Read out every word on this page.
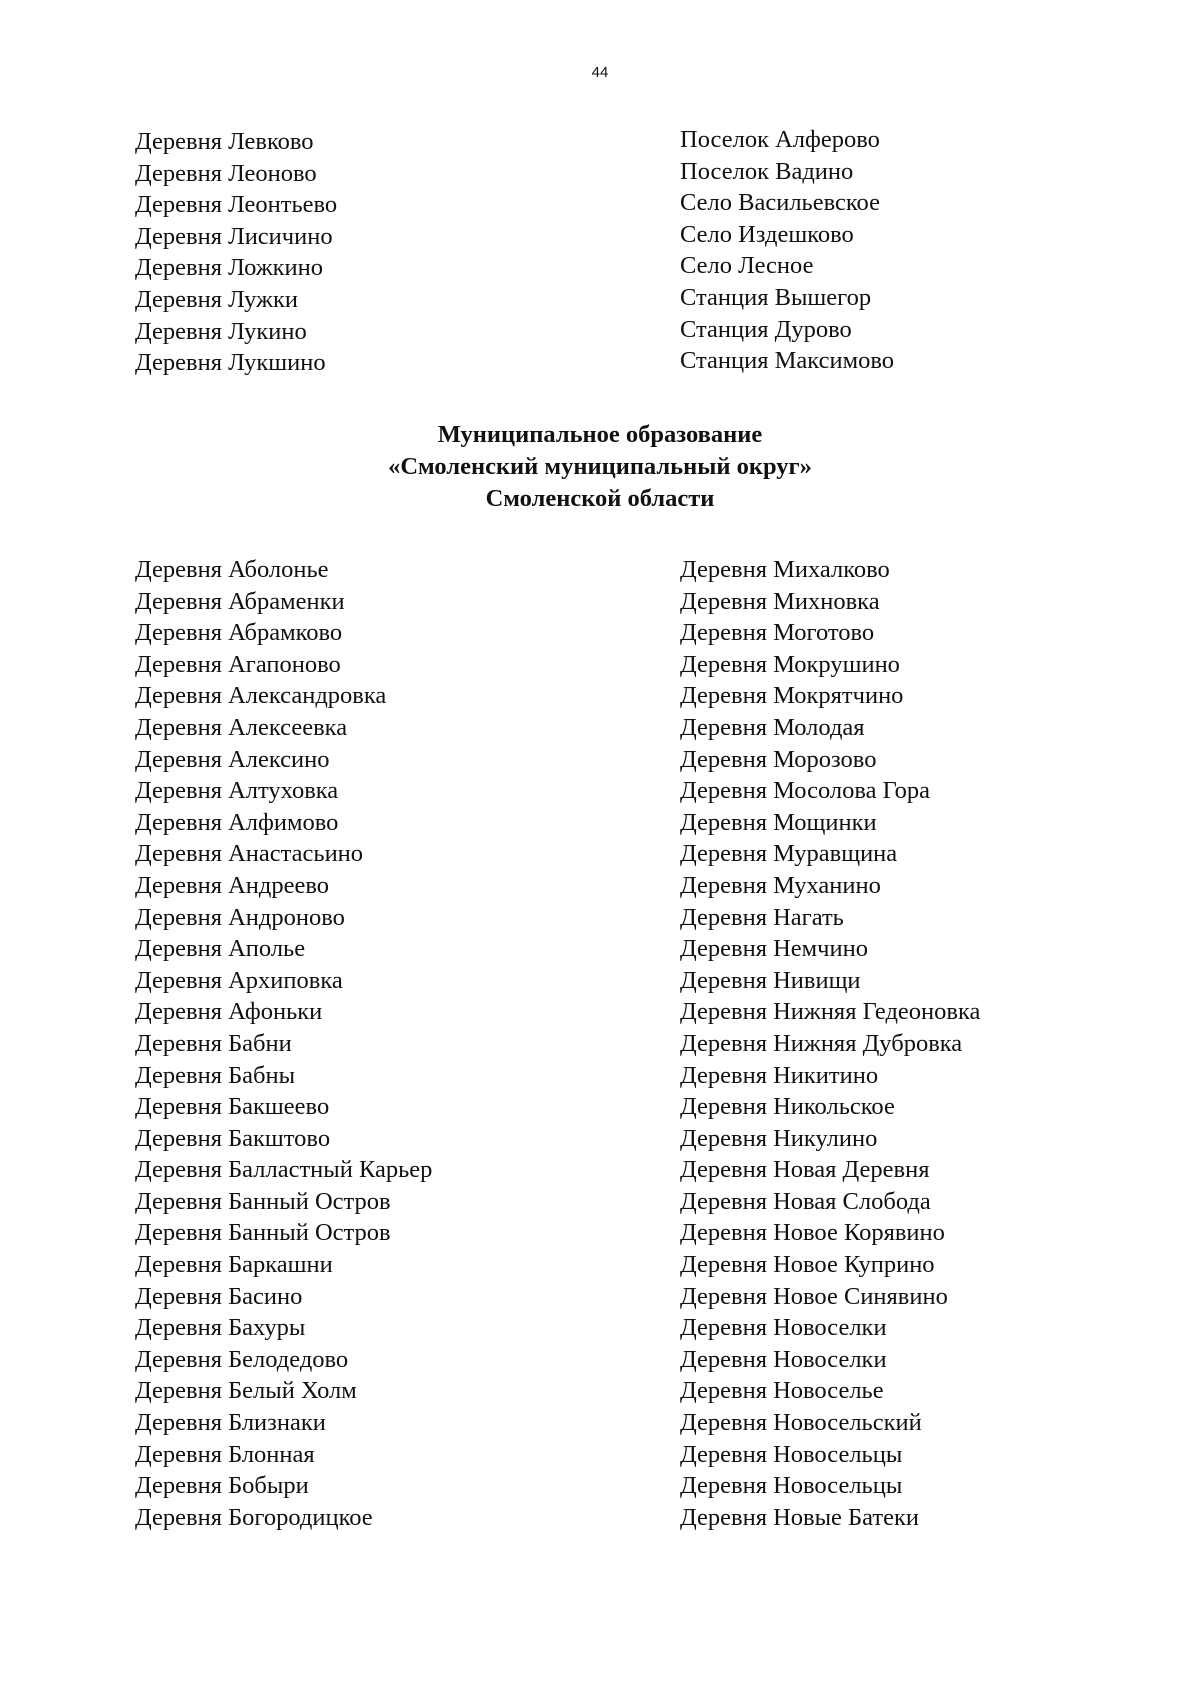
44
Деревня Левково
Деревня Леоново
Деревня Леонтьево
Деревня Лисичино
Деревня Ложкино
Деревня Лужки
Деревня Лукино
Деревня Лукшино
Поселок Алферово
Поселок Вадино
Село Васильевское
Село Издешково
Село Лесное
Станция Вышегор
Станция Дурово
Станция Максимово
Муниципальное образование
«Смоленский муниципальный округ»
Смоленской области
Деревня Аболонье
Деревня Абраменки
Деревня Абрамково
Деревня Агапоново
Деревня Александровка
Деревня Алексеевка
Деревня Алексино
Деревня Алтуховка
Деревня Алфимово
Деревня Анастасьино
Деревня Андреево
Деревня Андроново
Деревня Аполье
Деревня Архиповка
Деревня Афоньки
Деревня Бабни
Деревня Бабны
Деревня Бакшеево
Деревня Бакштово
Деревня Балластный Карьер
Деревня Банный Остров
Деревня Банный Остров
Деревня Баркашни
Деревня Басино
Деревня Бахуры
Деревня Белодедово
Деревня Белый Холм
Деревня Близнаки
Деревня Блонная
Деревня Бобыри
Деревня Богородицкое
Деревня Михалково
Деревня Михновка
Деревня Моготово
Деревня Мокрушино
Деревня Мокрятчино
Деревня Молодая
Деревня Морозово
Деревня Мосолова Гора
Деревня Мощинки
Деревня Муравщина
Деревня Муханино
Деревня Нагать
Деревня Немчино
Деревня Нивищи
Деревня Нижняя Гедеоновка
Деревня Нижняя Дубровка
Деревня Никитино
Деревня Никольское
Деревня Никулино
Деревня Новая Деревня
Деревня Новая Слобода
Деревня Новое Корявино
Деревня Новое Куприно
Деревня Новое Синявино
Деревня Новоселки
Деревня Новоселки
Деревня Новоселье
Деревня Новосельский
Деревня Новосельцы
Деревня Новосельцы
Деревня Новые Батеки
